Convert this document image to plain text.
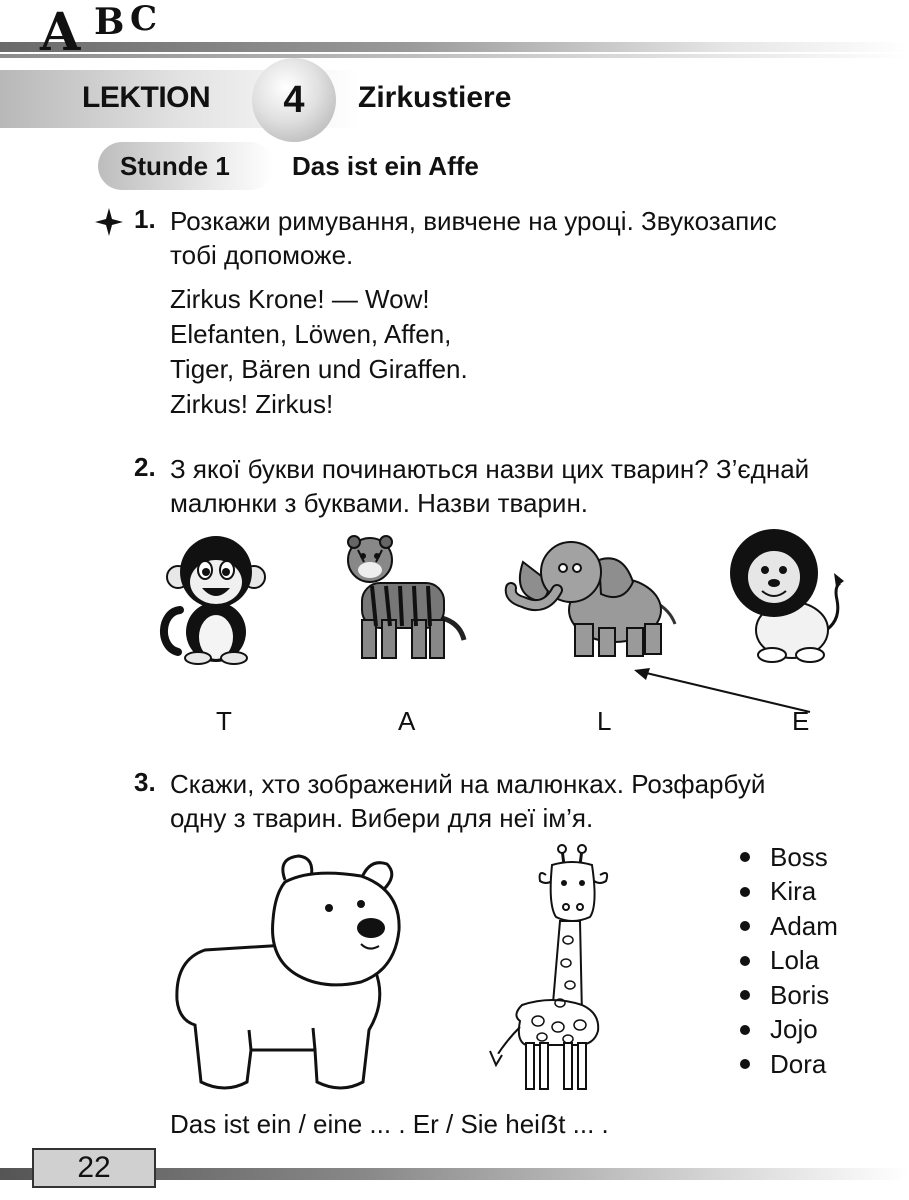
A B C
LEKTION	4	Zirkustiere
Stunde 1 Das ist ein Affe
1. Розкажи римування, вивчене на уроці. Звукозапис
тобі допоможе.
Zirkus Krone! — Wow!
Elefanten, Löwen, Affen,
Tiger, Bären und Giraffen.
Zirkus! Zirkus!
2. З якої букви починаються назви цих тварин? З’єднай
малюнки з буквами. Назви тварин.
T	A	L	E
3. Скажи, хто зображений на малюнках. Розфарбуй
одну з тварин. Вибери для неї ім’я.
Boss
Kira
Adam
Lola
Boris
Jojo
Dora
Das ist ein / eine ... . Er / Sie heiẞt ... .
22
